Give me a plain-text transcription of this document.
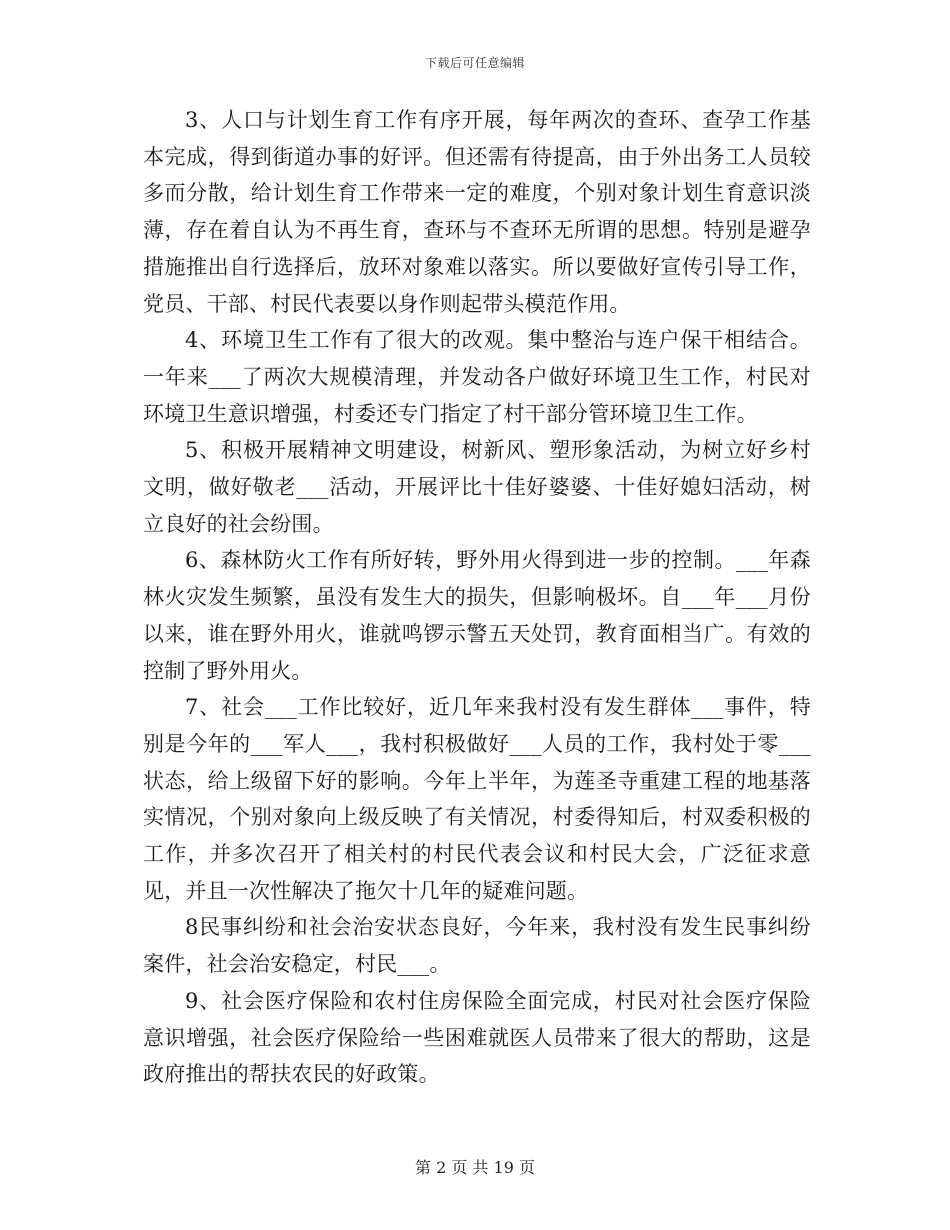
下载后可任意编辑

3、人口与计划生育工作有序开展，每年两次的查环、查孕工作基本完成，得到街道办事的好评。但还需有待提高，由于外出务工人员较多而分散，给计划生育工作带来一定的难度，个别对象计划生育意识淡薄，存在着自认为不再生育，查环与不查环无所谓的思想。特别是避孕措施推出自行选择后，放环对象难以落实。所以要做好宣传引导工作，党员、干部、村民代表要以身作则起带头模范作用。

4、环境卫生工作有了很大的改观。集中整治与连户保干相结合。一年来___了两次大规模清理，并发动各户做好环境卫生工作，村民对环境卫生意识增强，村委还专门指定了村干部分管环境卫生工作。

5、积极开展精神文明建设，树新风、塑形象活动，为树立好乡村文明，做好敬老___活动，开展评比十佳好婆婆、十佳好媳妇活动，树立良好的社会纷围。

6、森林防火工作有所好转，野外用火得到进一步的控制。___年森林火灾发生频繁，虽没有发生大的损失，但影响极坏。自___年___月份以来，谁在野外用火，谁就鸣锣示警五天处罚，教育面相当广。有效的控制了野外用火。

7、社会___工作比较好，近几年来我村没有发生群体___事件，特别是今年的___军人___，我村积极做好___人员的工作，我村处于零___状态，给上级留下好的影响。今年上半年，为莲圣寺重建工程的地基落实情况，个别对象向上级反映了有关情况，村委得知后，村双委积极的工作，并多次召开了相关村的村民代表会议和村民大会，广泛征求意见，并且一次性解决了拖欠十几年的疑难问题。

8民事纠纷和社会治安状态良好，今年来，我村没有发生民事纠纷案件，社会治安稳定，村民___。

9、社会医疗保险和农村住房保险全面完成，村民对社会医疗保险意识增强，社会医疗保险给一些困难就医人员带来了很大的帮助，这是政府推出的帮扶农民的好政策。

第 2 页 共 19 页
